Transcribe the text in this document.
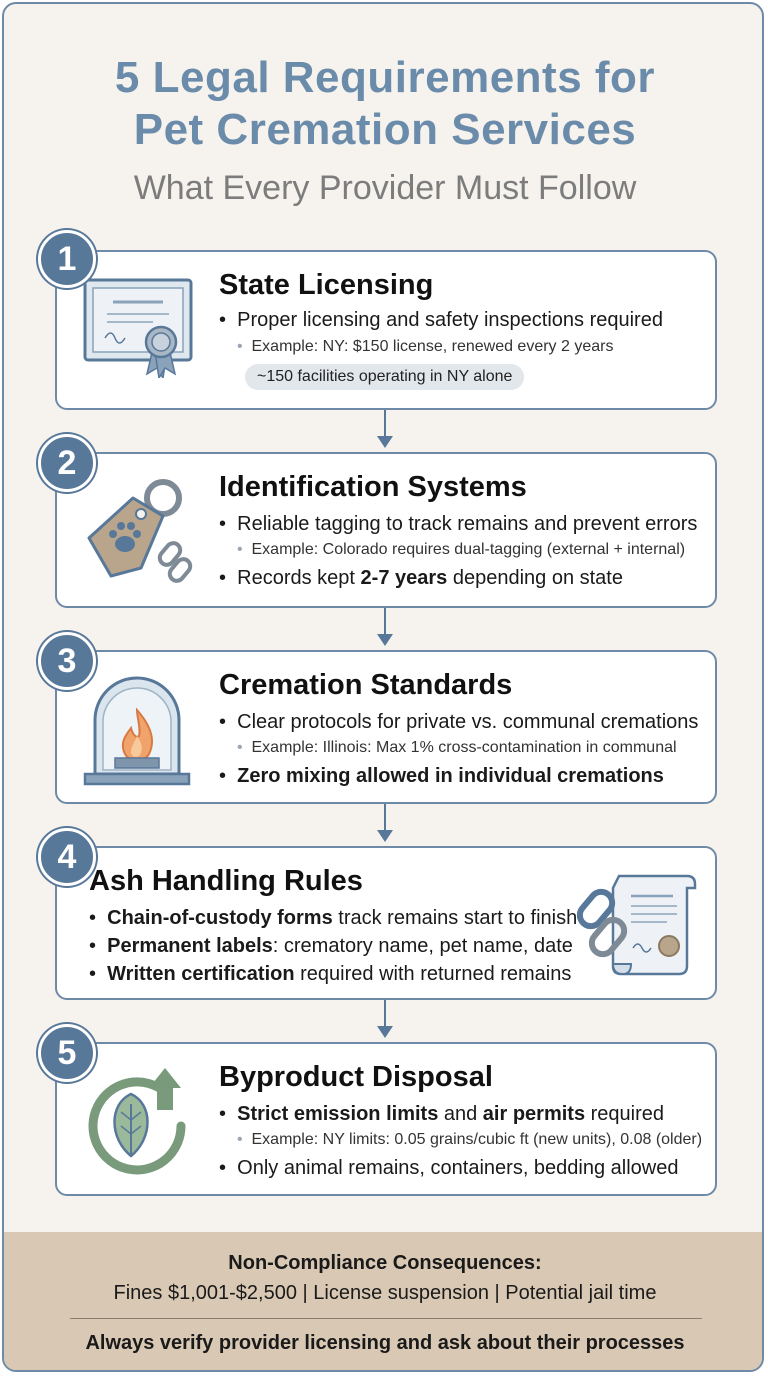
5 Legal Requirements for
Pet Cremation Services
What Every Provider Must Follow
State Licensing
• Proper licensing and safety inspections required
• Example: NY: $150 license, renewed every 2 years
~150 facilities operating in NY alone
1
Identification Systems
• Reliable tagging to track remains and prevent errors
• Example: Colorado requires dual-tagging (external + internal)
• Records kept 2-7 years depending on state
2
Cremation Standards
• Clear protocols for private vs. communal cremations
• Example: Illinois: Max 1% cross-contamination in communal
• Zero mixing allowed in individual cremations
3
Ash Handling Rules
• Chain-of-custody forms track remains start to finish
• Permanent labels: crematory name, pet name, date
• Written certification required with returned remains
4
Byproduct Disposal
• Strict emission limits and air permits required
• Example: NY limits: 0.05 grains/cubic ft (new units), 0.08 (older)
• Only animal remains, containers, bedding allowed
5
Non-Compliance Consequences:
Fines $1,001-$2,500 | License suspension | Potential jail time
Always verify provider licensing and ask about their processes
